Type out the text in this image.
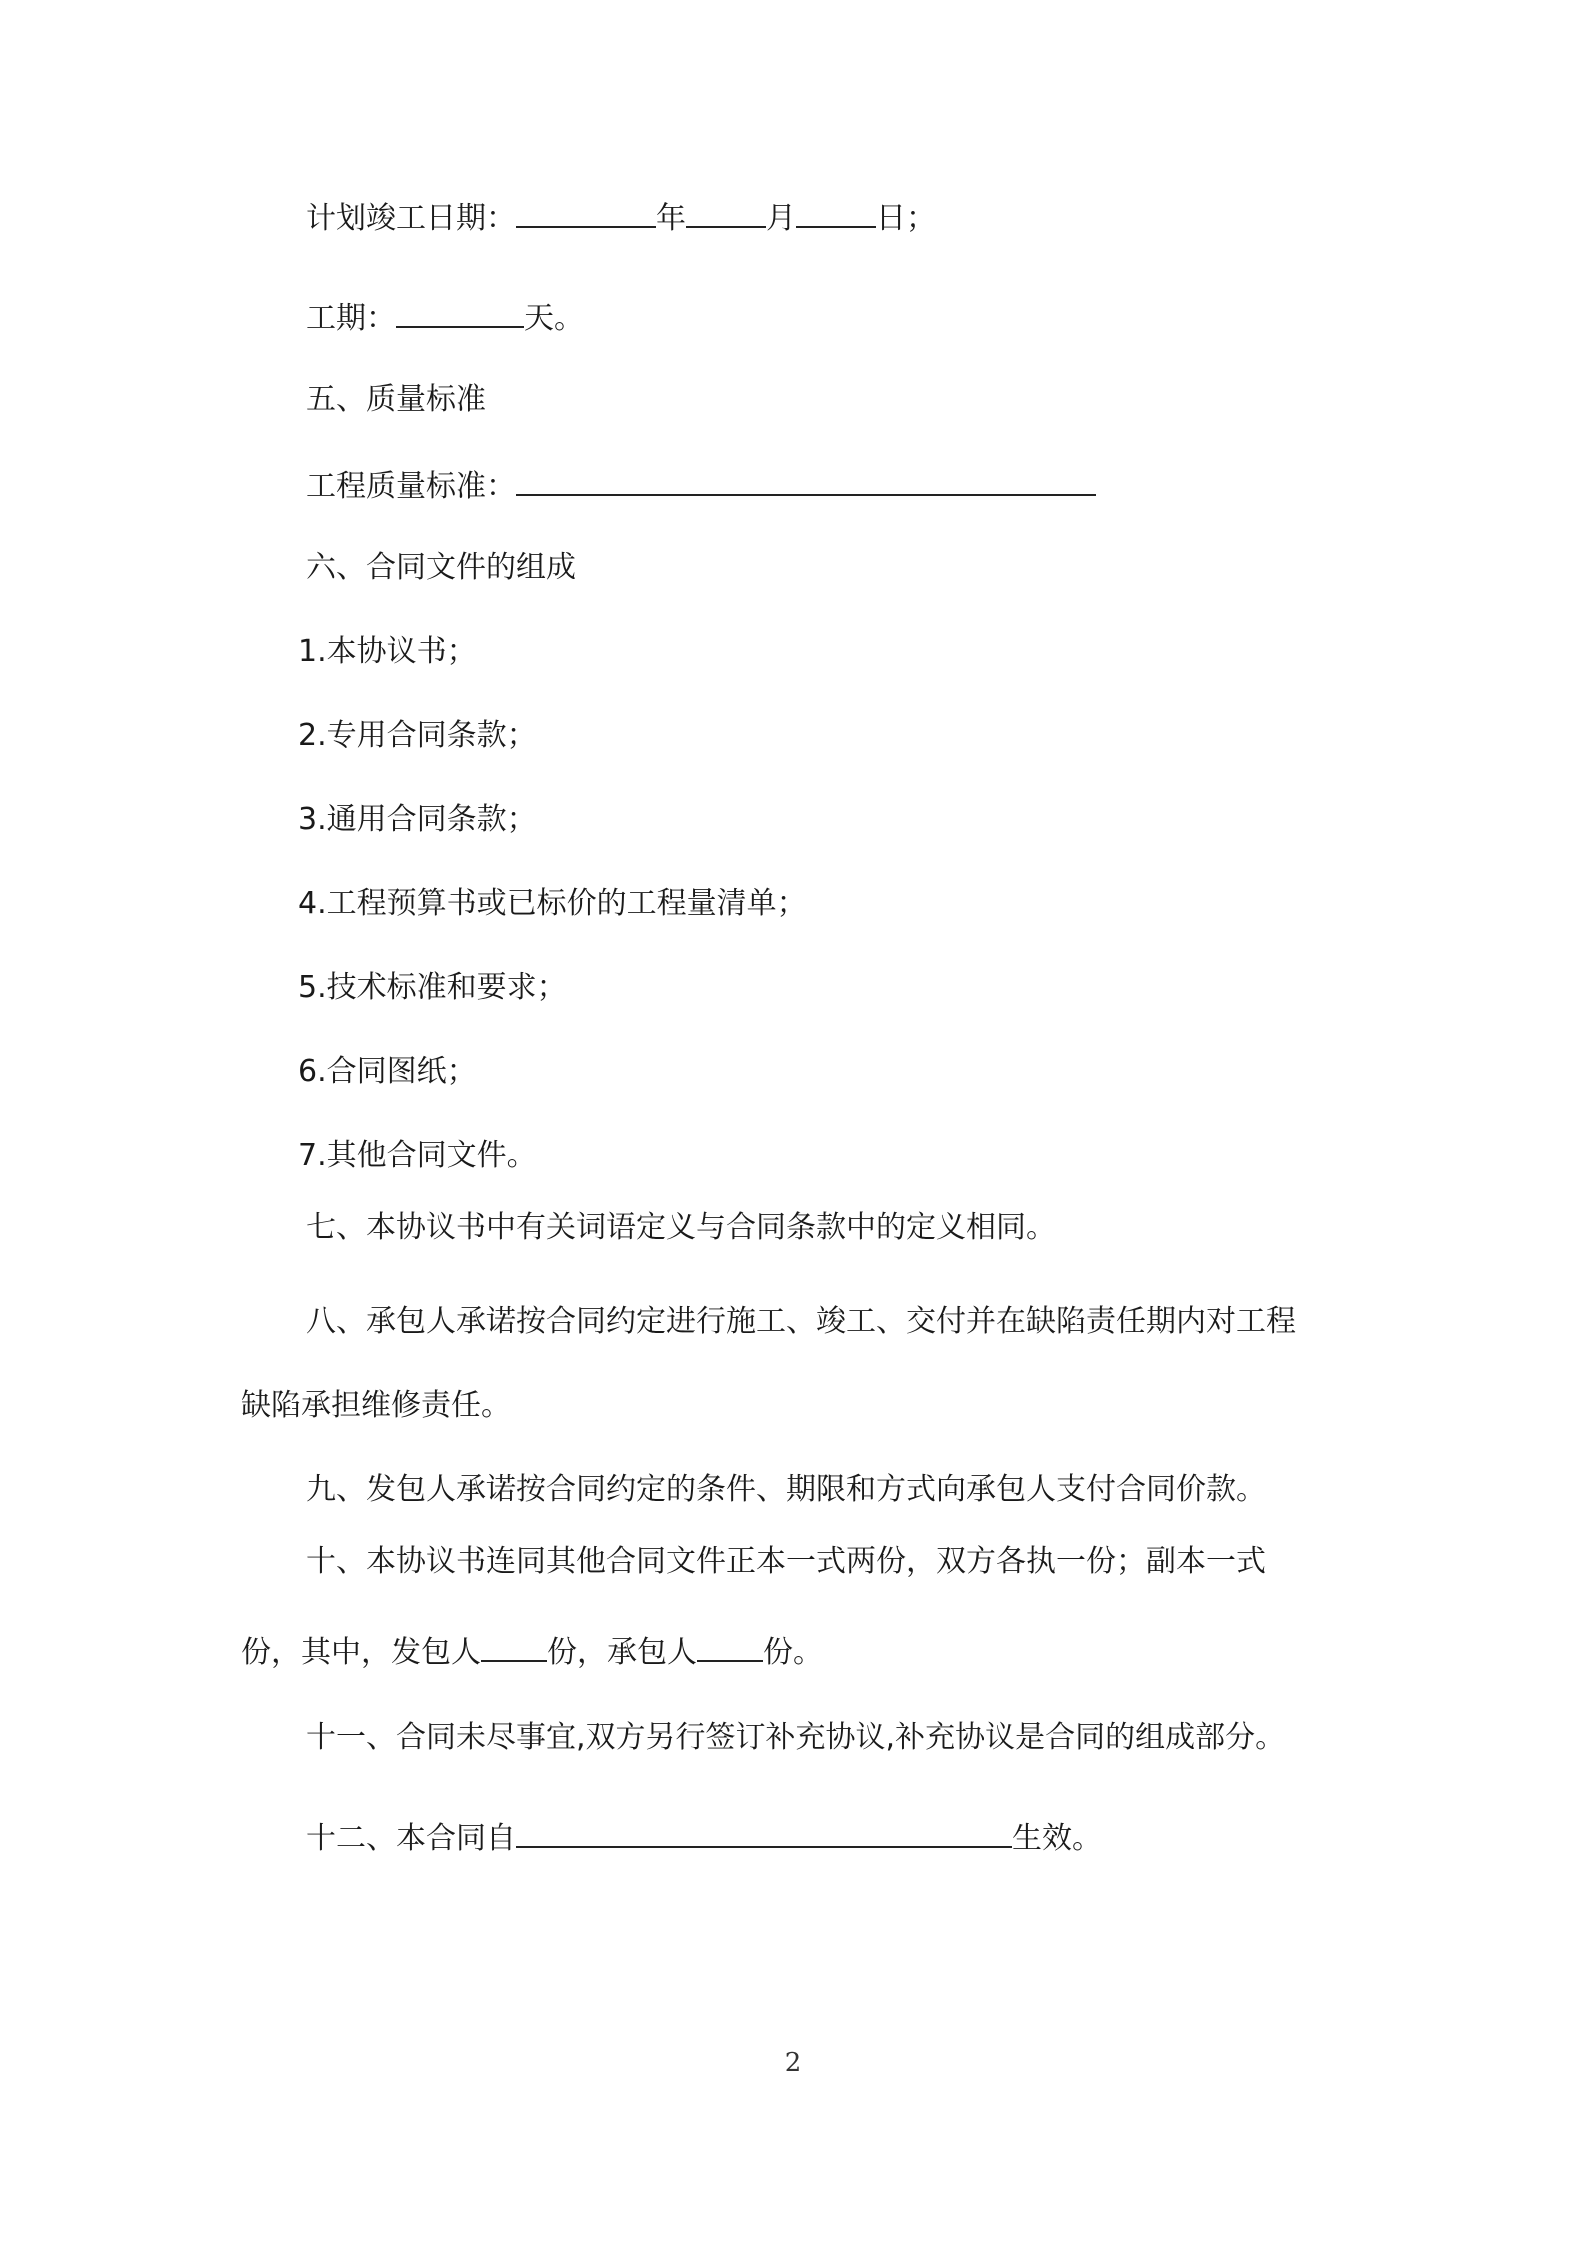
计划竣工日期：	年	月	日；
工期：	天。
五、质量标准
工程质量标准：
六、合同文件的组成
1.本协议书；
2.专用合同条款；
3.通用合同条款；
4.工程预算书或已标价的工程量清单；
5.技术标准和要求；
6.合同图纸；
7.其他合同文件。
七、本协议书中有关词语定义与合同条款中的定义相同。
八、承包人承诺按合同约定进行施工、竣工、交付并在缺陷责任期内对工程
缺陷承担维修责任。
九、发包人承诺按合同约定的条件、期限和方式向承包人支付合同价款。
十、本协议书连同其他合同文件正本一式两份，双方各执一份；副本一式
份，其中，发包人 份，承包人 份。
十一、合同未尽事宜,双方另行签订补充协议,补充协议是合同的组成部分。
十二、本合同自	生效。
2
